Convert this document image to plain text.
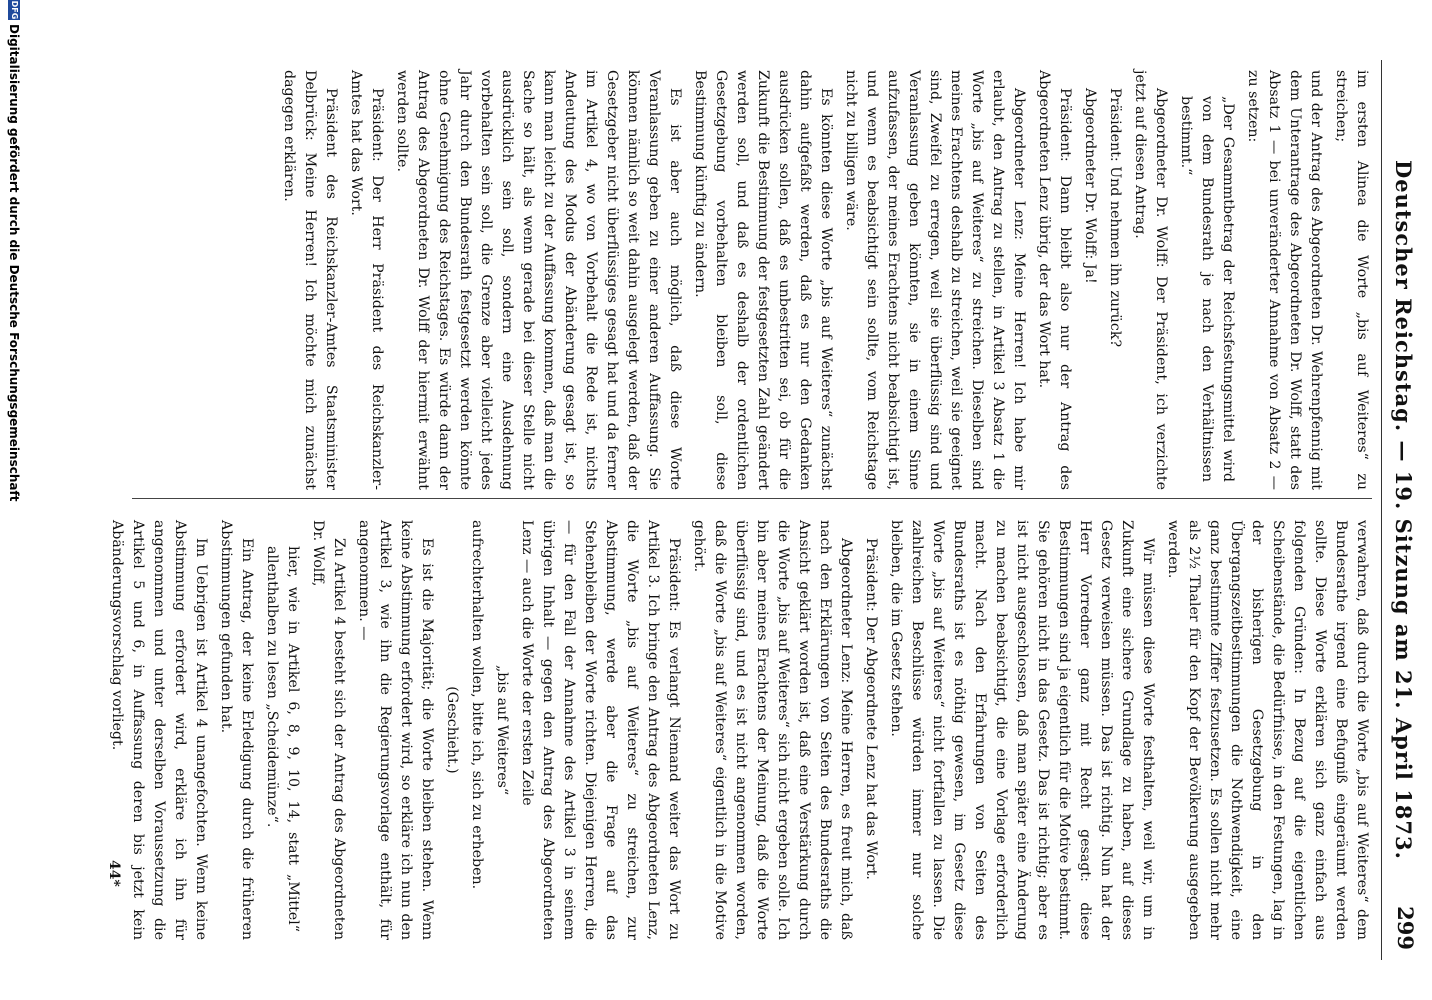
Deutscher Reichstag. — 19. Sitzung am 21. April 1873.
299

im ersten Alinea die Worte „bis auf Weiteres“ zu streichen;

und der Antrag des Abgeordneten Dr. Wehrenpfennig mit dem Unterantrage des Abgeordneten Dr. Wolff, statt des Absatz 1 — bei unveränderter Annahme von Absatz 2 — zu setzen:

„Der Gesammtbetrag der Reichsfestungsmittel wird von dem Bundesrath je nach den Verhältnissen bestimmt.“

Abgeordneter Dr. Wolff: Der Präsident, ich verzichte jetzt auf diesen Antrag.

Präsident: Und nehmen ihn zurück?

Abgeordneter Dr. Wolff: Ja!

Präsident: Dann bleibt also nur der Antrag des Abgeordneten Lenz übrig, der das Wort hat.

Abgeordneter Lenz: Meine Herren! Ich habe mir erlaubt, den Antrag zu stellen, in Artikel 3 Absatz 1 die Worte „bis auf Weiteres“ zu streichen. Dieselben sind meines Erachtens deshalb zu streichen, weil sie geeignet sind, Zweifel zu erregen, weil sie überflüssig sind und Veranlassung geben könnten, sie in einem Sinne aufzufassen, der meines Erachtens nicht beabsichtigt ist, und wenn es beabsichtigt sein sollte, vom Reichstage nicht zu billigen wäre.

Es könnten diese Worte „bis auf Weiteres“ zunächst dahin aufgefaßt werden, daß es nur den Gedanken ausdrücken sollen, daß es unbestritten sei, ob für die Zukunft die Bestimmung der festgesetzten Zahl geändert werden soll, und daß es deshalb der ordentlichen Gesetzgebung vorbehalten bleiben soll, diese Bestimmung künftig zu ändern.

Es ist aber auch möglich, daß diese Worte Veranlassung geben zu einer anderen Auffassung. Sie können nämlich so weit dahin ausgelegt werden, daß der Gesetzgeber nicht überflüssiges gesagt hat und da ferner im Artikel 4, wo von Vorbehalt die Rede ist, nichts Andeutung des Modus der Abänderung gesagt ist, so kann man leicht zu der Auffassung kommen, daß man die Sache so hält, als wenn gerade bei dieser Stelle nicht ausdrücklich sein soll, sondern eine Ausdehnung vorbehalten sein soll, die Grenze aber vielleicht jedes Jahr durch den Bundesrath festgesetzt werden könnte ohne Genehmigung des Reichstages. Es würde dann der Antrag des Abgeordneten Dr. Wolff der hiermit erwähnt werden sollte.

Präsident: Der Herr Präsident des Reichskanzler-Amtes hat das Wort.

Präsident des Reichskanzler-Amtes Staatsminister Delbrück: Meine Herren! Ich möchte mich zunächst dagegen erklären.

verwahren, daß durch die Worte „bis auf Weiteres“ dem Bundesrathe irgend eine Befugniß eingeräumt werden sollte. Diese Worte erklären sich ganz einfach aus folgenden Gründen: In Bezug auf die eigentlichen Scheibenstände, die Bedürfnisse, in den Festungen, lag in der bisherigen Gesetzgebung in den Übergangszeitbestimmungen die Nothwendigkeit, eine ganz bestimmte Ziffer festzusetzen. Es sollen nicht mehr als 2½ Thaler für den Kopf der Bevölkerung ausgegeben werden.

Wir müssen diese Worte festhalten, weil wir, um in Zukunft eine sichere Grundlage zu haben, auf dieses Gesetz verweisen müssen. Das ist richtig. Nun hat der Herr Vorredner ganz mit Recht gesagt: diese Bestimmungen sind ja eigentlich für die Motive bestimmt. Sie gehören nicht in das Gesetz. Das ist richtig; aber es ist nicht ausgeschlossen, daß man später eine Änderung zu machen beabsichtigt, die eine Vorlage erforderlich macht. Nach den Erfahrungen von Seiten des Bundesraths ist es nöthig gewesen, im Gesetz diese Worte „bis auf Weiteres“ nicht fortfallen zu lassen. Die zahlreichen Beschlüsse würden immer nur solche bleiben, die im Gesetz stehen.

Präsident: Der Abgeordnete Lenz hat das Wort.

Abgeordneter Lenz: Meine Herren, es freut mich, daß nach den Erklärungen von Seiten des Bundesraths die Ansicht geklärt worden ist, daß eine Verstärkung durch die Worte „bis auf Weiteres“ sich nicht ergeben solle. Ich bin aber meines Erachtens der Meinung, daß die Worte überflüssig sind, und es ist nicht angenommen worden, daß die Worte „bis auf Weiteres“ eigentlich in die Motive gehört.

Präsident: Es verlangt Niemand weiter das Wort zu Artikel 3. Ich bringe den Antrag des Abgeordneten Lenz, die Worte „bis auf Weiteres“ zu streichen, zur Abstimmung, werde aber die Frage auf das Stehenbleiben der Worte richten. Diejenigen Herren, die — für den Fall der Annahme des Artikel 3 in seinem übrigen Inhalt — gegen den Antrag des Abgeordneten Lenz — auch die Worte der ersten Zeile

„bis auf Weiteres“

aufrechterhalten wollen, bitte ich, sich zu erheben.

(Geschieht.)

Es ist die Majorität; die Worte bleiben stehen. Wenn keine Abstimmung erfordert wird, so erkläre ich nun den Artikel 3, wie ihn die Regierungsvorlage enthält, für angenommen. —

Zu Artikel 4 besteht sich der Antrag des Abgeordneten Dr. Wolff,

hier, wie in Artikel 6, 8, 9, 10, 14, statt „Mittel“ allenthalben zu lesen „Scheidemünze“.

Ein Antrag, der keine Erledigung durch die früheren Abstimmungen gefunden hat.

Im Uebrigen ist Artikel 4 unangefochten. Wenn keine Abstimmung erfordert wird, erkläre ich ihn für angenommen und unter derselben Voraussetzung die Artikel 5 und 6, in Auffassung deren bis jetzt kein Abänderungsvorschlag vorliegt.

44*
DFG
Digitalisierung gefördert durch die Deutsche Forschungsgemeinschaft
